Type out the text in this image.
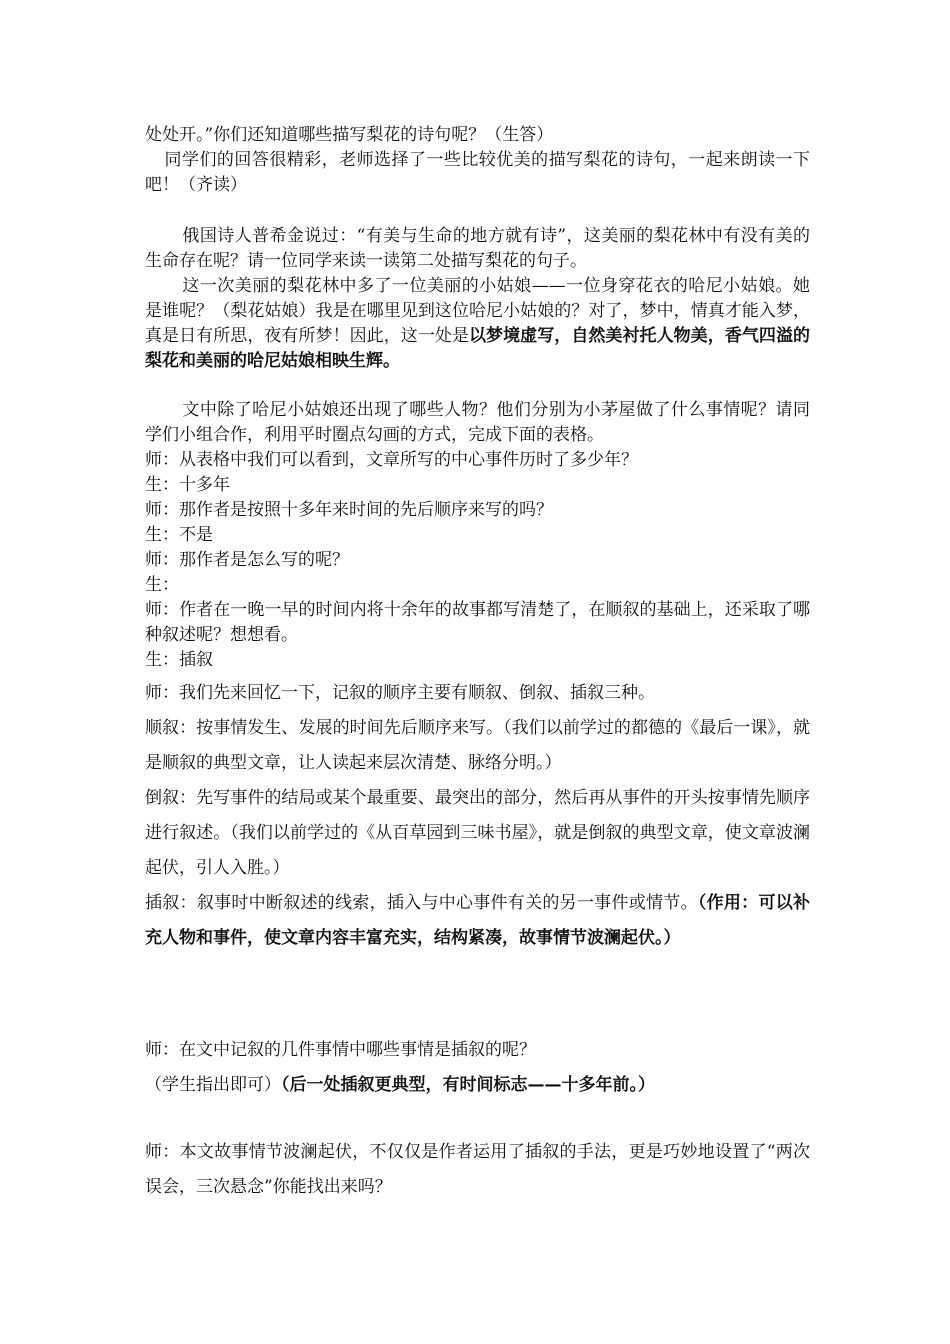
处处开。”你们还知道哪些描写梨花的诗句呢？（生答）

同学们的回答很精彩，老师选择了一些比较优美的描写梨花的诗句，一起来朗读一下吧！（齐读）

俄国诗人普希金说过：“有美与生命的地方就有诗”，这美丽的梨花林中有没有美的生命存在呢？请一位同学来读一读第二处描写梨花的句子。

这一次美丽的梨花林中多了一位美丽的小姑娘——一位身穿花衣的哈尼小姑娘。她是谁呢？（梨花姑娘）我是在哪里见到这位哈尼小姑娘的？对了，梦中，情真才能入梦，真是日有所思，夜有所梦！因此，这一处是以梦境虚写，自然美衬托人物美，香气四溢的梨花和美丽的哈尼姑娘相映生辉。

文中除了哈尼小姑娘还出现了哪些人物？他们分别为小茅屋做了什么事情呢？请同学们小组合作，利用平时圈点勾画的方式，完成下面的表格。

师：从表格中我们可以看到，文章所写的中心事件历时了多少年？

生：十多年

师：那作者是按照十多年来时间的先后顺序来写的吗？

生：不是

师：那作者是怎么写的呢？

生：

师：作者在一晚一早的时间内将十余年的故事都写清楚了，在顺叙的基础上，还采取了哪种叙述呢？想想看。

生：插叙

师：我们先来回忆一下，记叙的顺序主要有顺叙、倒叙、插叙三种。

顺叙：按事情发生、发展的时间先后顺序来写。（我们以前学过的都德的《最后一课》，就是顺叙的典型文章，让人读起来层次清楚、脉络分明。）

倒叙：先写事件的结局或某个最重要、最突出的部分，然后再从事件的开头按事情先顺序进行叙述。（我们以前学过的《从百草园到三味书屋》，就是倒叙的典型文章，使文章波澜起伏，引人入胜。）

插叙：叙事时中断叙述的线索，插入与中心事件有关的另一事件或情节。（作用：可以补充人物和事件，使文章内容丰富充实，结构紧凑，故事情节波澜起伏。）

师：在文中记叙的几件事情中哪些事情是插叙的呢？

（学生指出即可）（后一处插叙更典型，有时间标志——十多年前。）

师：本文故事情节波澜起伏，不仅仅是作者运用了插叙的手法，更是巧妙地设置了“两次误会，三次悬念”你能找出来吗？
